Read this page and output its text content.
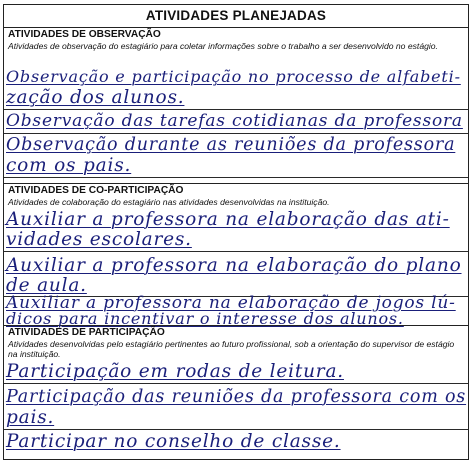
ATIVIDADES PLANEJADAS
ATIVIDADES DE OBSERVAÇÃO
Atividades de observação do estagiário para coletar informações sobre o trabalho a ser desenvolvido no estágio.
Observação e participação no processo de alfabeti-
zação dos alunos.
Observação das tarefas cotidianas da professora
Observação durante as reuniões da professora
com os pais.
ATIVIDADES DE CO-PARTICIPAÇÃO
Atividades de colaboração do estagiário nas atividades desenvolvidas na instituição.
Auxiliar a professora na elaboração das ati-
vidades escolares.
Auxiliar a professora na elaboração do plano
de aula.
Auxiliar a professora na elaboração de jogos lú-
dicos para incentivar o interesse dos alunos.
ATIVIDADES DE PARTICIPAÇÃO
Atividades desenvolvidas pelo estagiário pertinentes ao futuro profissional, sob a orientação do supervisor de estágio na instituição.
Participação em rodas de leitura.
Participação das reuniões da professora com os
pais.
Participar no conselho de classe.
